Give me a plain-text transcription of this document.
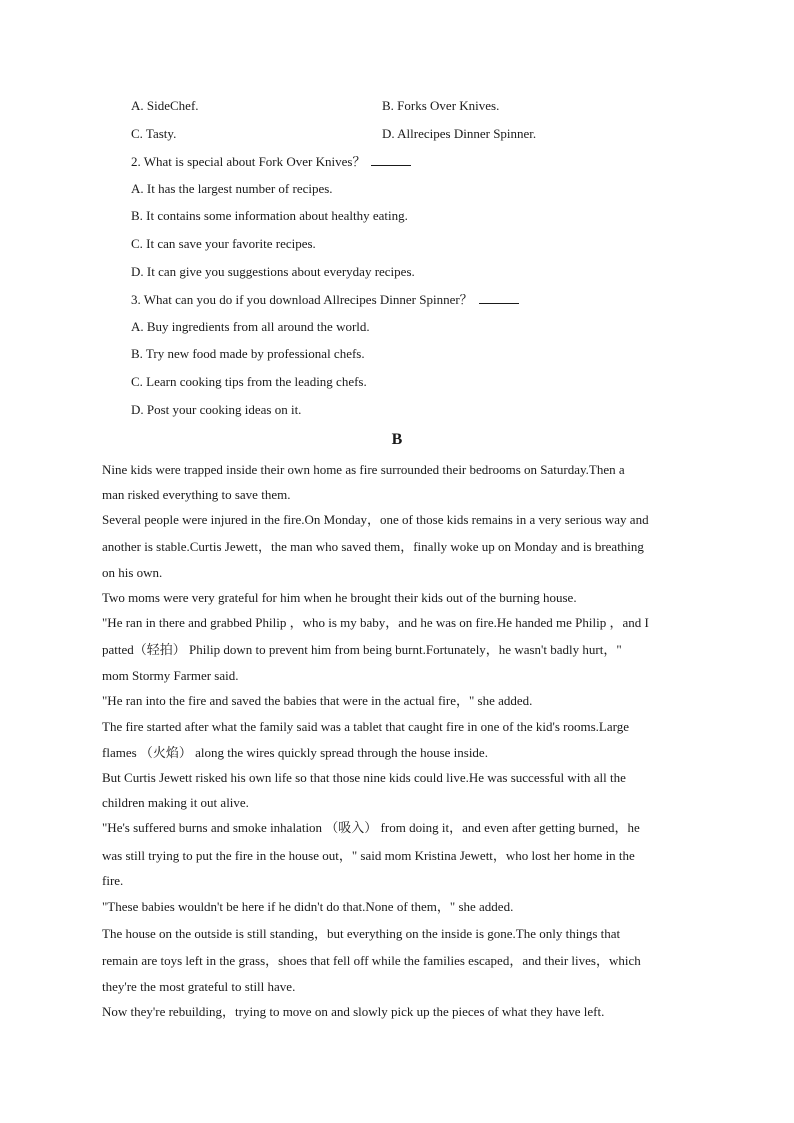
A. SideChef.	B. Forks Over Knives.
C. Tasty.	D. Allrecipes Dinner Spinner.
2. What is special about Fork Over Knives？
A. It has the largest number of recipes.
B. It contains some information about healthy eating.
C. It can save your favorite recipes.
D. It can give you suggestions about everyday recipes.
3. What can you do if you download Allrecipes Dinner Spinner？
A. Buy ingredients from all around the world.
B. Try new food made by professional chefs.
C. Learn cooking tips from the leading chefs.
D. Post your cooking ideas on it.
B
Nine kids were trapped inside their own home as fire surrounded their bedrooms on Saturday.Then a
man risked everything to save them.
Several people were injured in the fire.On Monday，one of those kids remains in a very serious way and
another is stable.Curtis Jewett，the man who saved them，finally woke up on Monday and is breathing
on his own.
Two moms were very grateful for him when he brought their kids out of the burning house.
"He ran in there and grabbed Philip ，who is my baby，and he was on fire.He handed me Philip ，and I
patted（轻拍） Philip down to prevent him from being burnt.Fortunately，he wasn't badly hurt，"
mom Stormy Farmer said.
"He ran into the fire and saved the babies that were in the actual fire，" she added.
The fire started after what the family said was a tablet that caught fire in one of the kid's rooms.Large
flames （火焰） along the wires quickly spread through the house inside.
But Curtis Jewett risked his own life so that those nine kids could live.He was successful with all the
children making it out alive.
"He's suffered burns and smoke inhalation （吸入） from doing it，and even after getting burned，he
was still trying to put the fire in the house out，" said mom Kristina Jewett，who lost her home in the
fire.
"These babies wouldn't be here if he didn't do that.None of them，" she added.
The house on the outside is still standing，but everything on the inside is gone.The only things that
remain are toys left in the grass，shoes that fell off while the families escaped，and their lives，which
they're the most grateful to still have.
Now they're rebuilding，trying to move on and slowly pick up the pieces of what they have left.
